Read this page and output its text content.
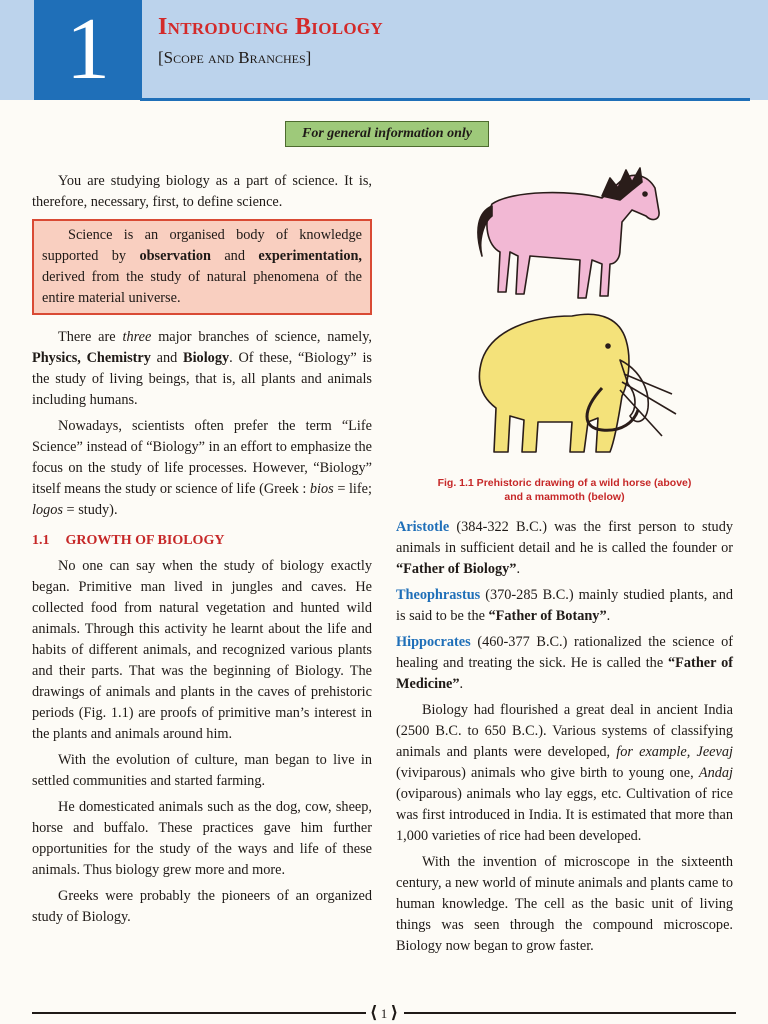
1	Introducing Biology
[Scope and Branches]
For general information only

You are studying biology as a part of science. It is, therefore, necessary, first, to define science.

Science is an organised body of knowledge supported by observation and experimentation, derived from the study of natural phenomena of the entire material universe.

There are three major branches of science, namely, Physics, Chemistry and Biology. Of these, “Biology” is the study of living beings, that is, all plants and animals including humans.

Nowadays, scientists often prefer the term “Life Science” instead of “Biology” in an effort to emphasize the focus on the study of life processes. However, “Biology” itself means the study or science of life (Greek : bios = life; logos = study).

1.1 GROWTH OF BIOLOGY

No one can say when the study of biology exactly began. Primitive man lived in jungles and caves. He collected food from natural vegetation and hunted wild animals. Through this activity he learnt about the life and habits of different animals, and recognized various plants and their parts. That was the beginning of Biology. The drawings of animals and plants in the caves of prehistoric periods (Fig. 1.1) are proofs of primitive man’s interest in the plants and animals around him.

With the evolution of culture, man began to live in settled communities and started farming.

He domesticated animals such as the dog, cow, sheep, horse and buffalo. These practices gave him further opportunities for the study of the ways and life of these animals. Thus biology grew more and more.

Greeks were probably the pioneers of an organized study of Biology.

Fig. 1.1 Prehistoric drawing of a wild horse (above)
and a mammoth (below)

Aristotle (384-322 B.C.) was the first person to study animals in sufficient detail and he is called the founder or “Father of Biology”.

Theophrastus (370-285 B.C.) mainly studied plants, and is said to be the “Father of Botany”.

Hippocrates (460-377 B.C.) rationalized the science of healing and treating the sick. He is called the “Father of Medicine”.

Biology had flourished a great deal in ancient India (2500 B.C. to 650 B.C.). Various systems of classifying animals and plants were developed, for example, Jeevaj (viviparous) animals who give birth to young one, Andaj (oviparous) animals who lay eggs, etc. Cultivation of rice was first introduced in India. It is estimated that more than 1,000 varieties of rice had been developed.

With the invention of microscope in the sixteenth century, a new world of minute animals and plants came to human knowledge. The cell as the basic unit of living things was seen through the compound microscope. Biology now began to grow faster.

⟨ 1 ⟩
